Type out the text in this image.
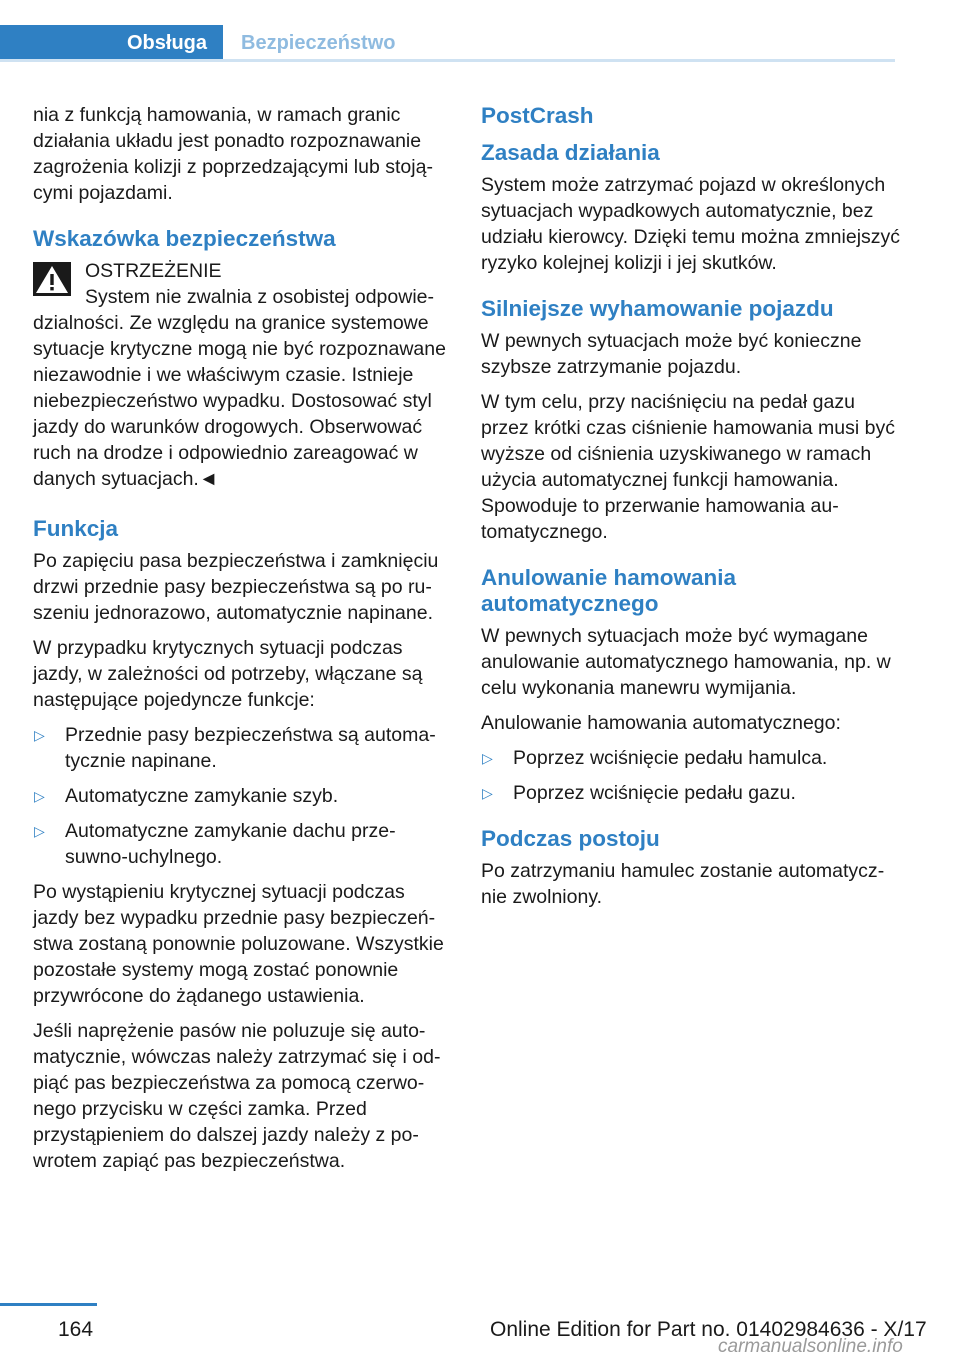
Obsługa	Bezpieczeństwo

nia z funkcją hamowania, w ramach granic działania układu jest ponadto rozpoznawanie zagrożenia kolizji z poprzedzającymi lub stojącymi pojazdami.

Wskazówka bezpieczeństwa
OSTRZEŻENIE
System nie zwalnia z osobistej odpowie-

dzialności. Ze względu na granice systemowe sytuacje krytyczne mogą nie być rozpoznawane niezawodnie i we właściwym czasie. Istnieje niebezpieczeństwo wypadku. Dostosować styl jazdy do warunków drogowych. Obserwować ruch na drodze i odpowiednio zareagować w danych sytuacjach.◄

Funkcja

Po zapięciu pasa bezpieczeństwa i zamknięciu drzwi przednie pasy bezpieczeństwa są po ruszeniu jednorazowo, automatycznie napinane.

W przypadku krytycznych sytuacji podczas jazdy, w zależności od potrzeby, włączane są następujące pojedyncze funkcje:

▷ Przednie pasy bezpieczeństwa są automatycznie napinane.
▷ Automatyczne zamykanie szyb.
▷ Automatyczne zamykanie dachu przesuwno-uchylnego.

Po wystąpieniu krytycznej sytuacji podczas jazdy bez wypadku przednie pasy bezpieczeństwa zostaną ponownie poluzowane. Wszystkie pozostałe systemy mogą zostać ponownie przywrócone do żądanego ustawienia.

Jeśli naprężenie pasów nie poluzuje się automatycznie, wówczas należy zatrzymać się i odpiąć pas bezpieczeństwa za pomocą czerwonego przycisku w części zamka. Przed przystąpieniem do dalszej jazdy należy z powrotem zapiąć pas bezpieczeństwa.

PostCrash
Zasada działania

System może zatrzymać pojazd w określonych sytuacjach wypadkowych automatycznie, bez udziału kierowcy. Dzięki temu można zmniejszyć ryzyko kolejnej kolizji i jej skutków.

Silniejsze wyhamowanie pojazdu

W pewnych sytuacjach może być konieczne szybsze zatrzymanie pojazdu.

W tym celu, przy naciśnięciu na pedał gazu przez krótki czas ciśnienie hamowania musi być wyższe od ciśnienia uzyskiwanego w ramach użycia automatycznej funkcji hamowania. Spowoduje to przerwanie hamowania automatycznego.

Anulowanie hamowania automatycznego

W pewnych sytuacjach może być wymagane anulowanie automatycznego hamowania, np. w celu wykonania manewru wymijania.

Anulowanie hamowania automatycznego:

▷ Poprzez wciśnięcie pedału hamulca.
▷ Poprzez wciśnięcie pedału gazu.
Podczas postoju

Po zatrzymaniu hamulec zostanie automatycznie zwolniony.

164	Online Edition for Part no. 01402984636 - X/17
carmanualsonline.info
